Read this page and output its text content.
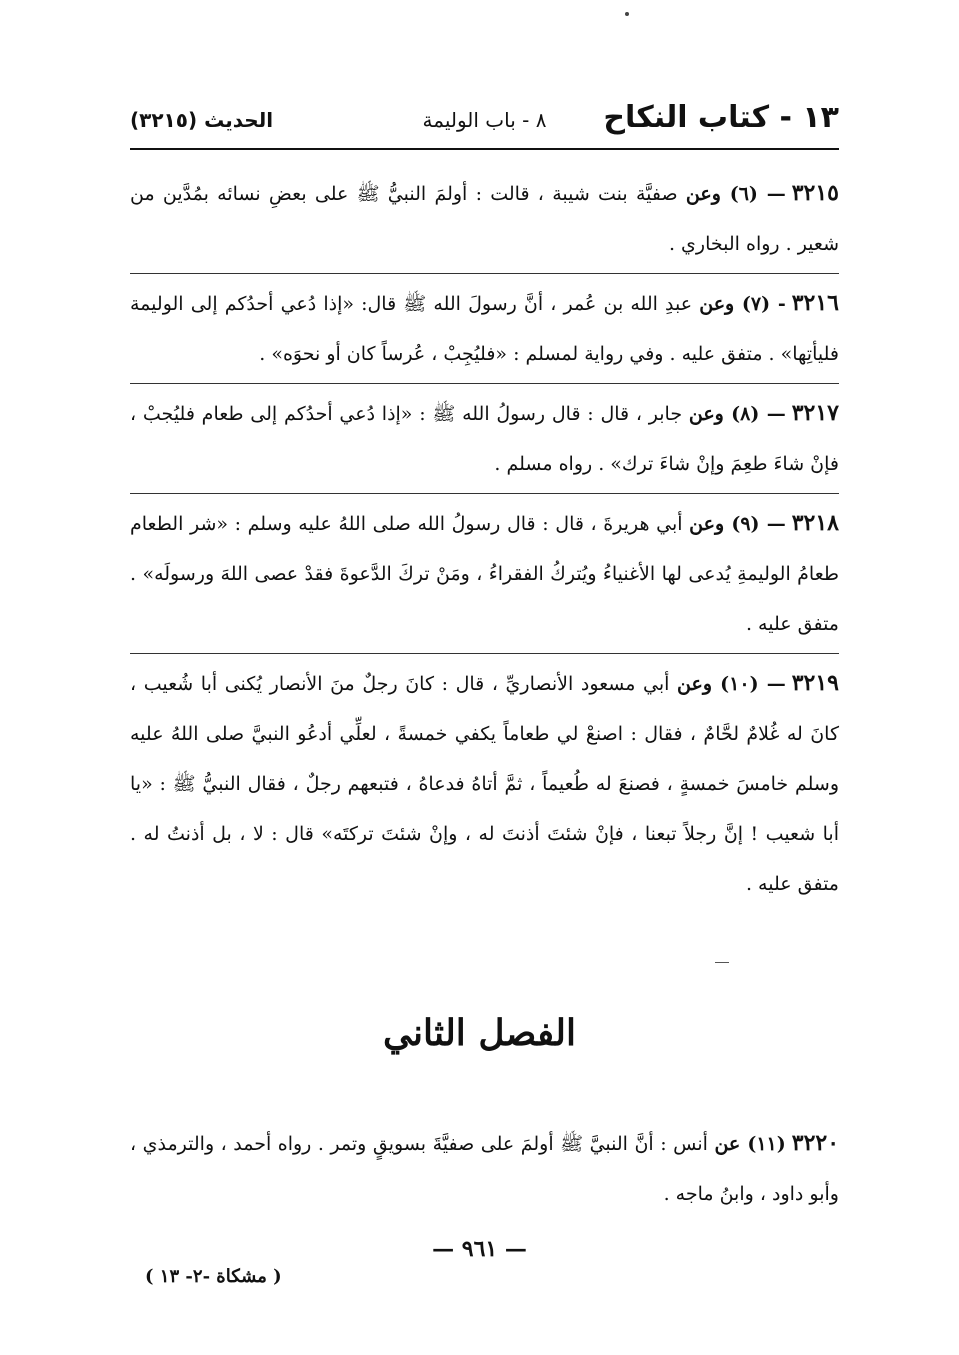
١٣ - كتاب النكاح
٨ - باب الوليمة
الحديث (٣٢١٥)

٣٢١٥— (٦) وعن صفيَّة بنت شيبة ، قالت : أولمَ النبيُّ ﷺ على بعضِ نسائه بمُدَّين من شعير . رواه البخاري .

٣٢١٦- (٧) وعن عبدِ الله بن عُمر ، أنَّ رسولَ الله ﷺ قال: «إذا دُعي أحدُكم إلى الوليمة فليأتِها» . متفق عليه . وفي رواية لمسلم : «فليُجِبْ ، عُرساً كان أو نحوَه» .

٣٢١٧— (٨) وعن جابر ، قال : قال رسولُ الله ﷺ : «إذا دُعي أحدُكم إلى طعام فليُجبْ ، فإنْ شاءَ طعِمَ وإنْ شاءَ ترك» . رواه مسلم .

٣٢١٨— (٩) وعن أبي هريرةَ ، قال : قال رسولُ الله صلى اللهُ عليه وسلم : «شر الطعام طعامُ الوليمةِ يُدعى لها الأغنياءُ ويُتركُ الفقراءُ ، ومَنْ تركَ الدَّعوةَ فقدْ عصى اللهَ ورسولَه» . متفق عليه .

٣٢١٩— (١٠) وعن أبي مسعود الأنصاريِّ ، قال : كانَ رجلٌ منَ الأنصار يُكنى أبا شُعيب ، كانَ له غُلامٌ لحَّامٌ ، فقال : اصنعْ لي طعاماً يكفي خمسةً ، لعلِّي أدعُو النبيَّ صلى اللهُ عليه وسلم خامسَ خمسةٍ ، فصنعَ له طُعيماً ، ثمَّ أتاهُ فدعاهُ ، فتبعهم رجلٌ ، فقال النبيُّ ﷺ : «يا أبا شعيب ! إنَّ رجلاً تبعنا ، فإنْ شئتَ أذنتَ له ، وإنْ شئتَ تركتَه» قال : لا ، بل أذنتُ له . متفق عليه .

الفصل الثاني

٣٢٢٠(١١) عن أنس : أنَّ النبيَّ ﷺ أولمَ على صفيَّةَ بسويقٍ وتمر . رواه أحمد ، والترمذي ، وأبو داود ، وابنُ ماجه .

— ٩٦١ —
( مشكاة -٢- ١٣ )
